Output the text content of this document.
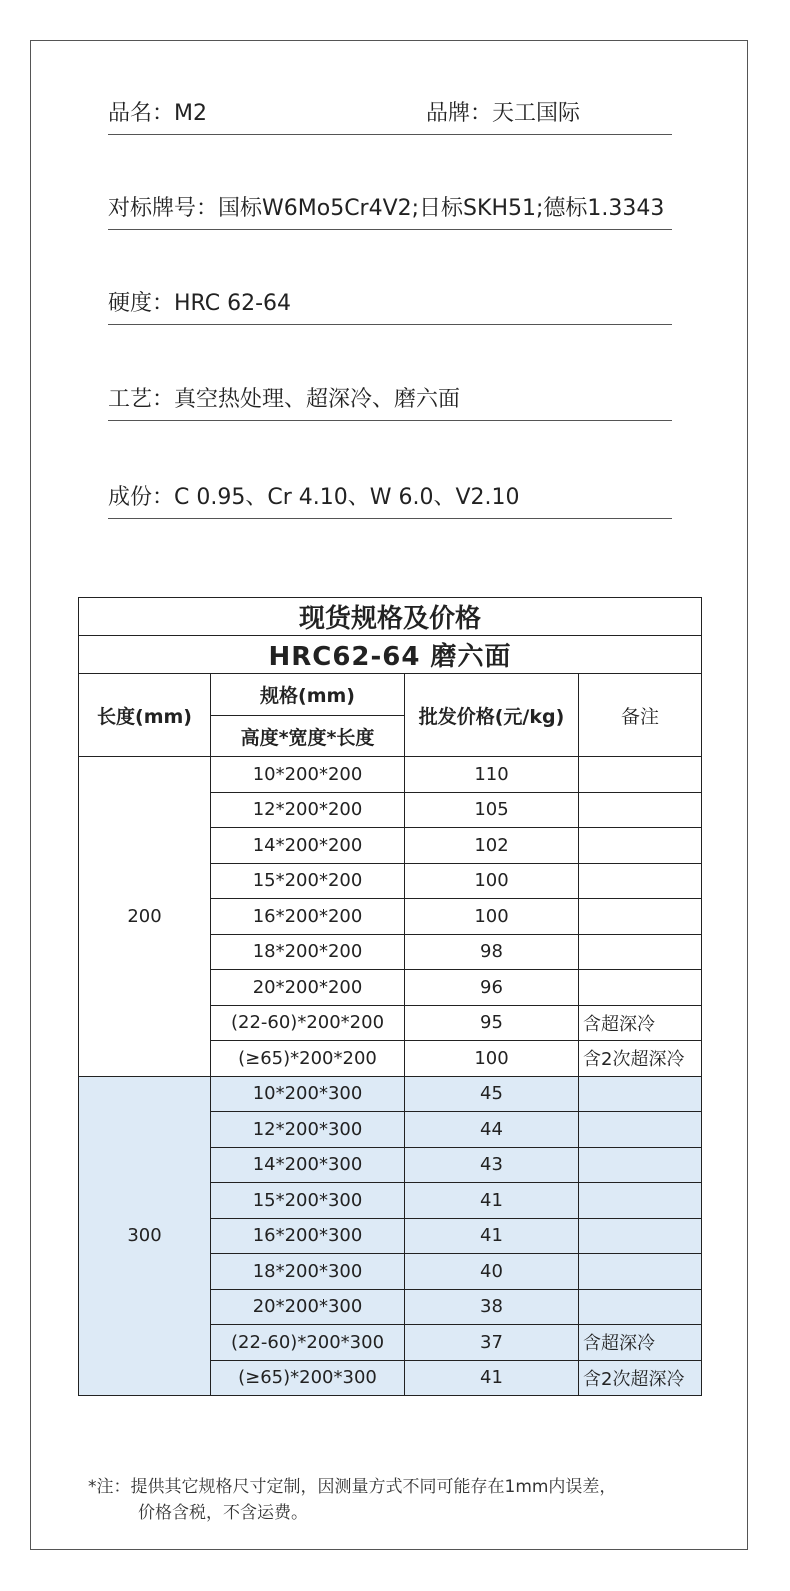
品名：M2	品牌：天工国际
对标牌号：国标W6Mo5Cr4V2;日标SKH51;德标1.3343
硬度：HRC 62-64
工艺：真空热处理、超深冷、磨六面
成份：C 0.95、Cr 4.10、W 6.0、V2.10
现货规格及价格			
HRC62-64 磨六面			
长度(mm)	规格(mm)	批发价格(元/kg)	备注
	高度*宽度*长度		
200	10*200*200	110	
	12*200*200	105	
	14*200*200	102	
	15*200*200	100	
	16*200*200	100	
	18*200*200	98	
	20*200*200	96	
	(22-60)*200*200	95	含超深冷
	(≥65)*200*200	100	含2次超深冷
300	10*200*300	45	
	12*200*300	44	
	14*200*300	43	
	15*200*300	41	
	16*200*300	41	
	18*200*300	40	
	20*200*300	38	
	(22-60)*200*300	37	含超深冷
	(≥65)*200*300	41	含2次超深冷
*注：提供其它规格尺寸定制，因测量方式不同可能存在1mm内误差，
价格含税，不含运费。
